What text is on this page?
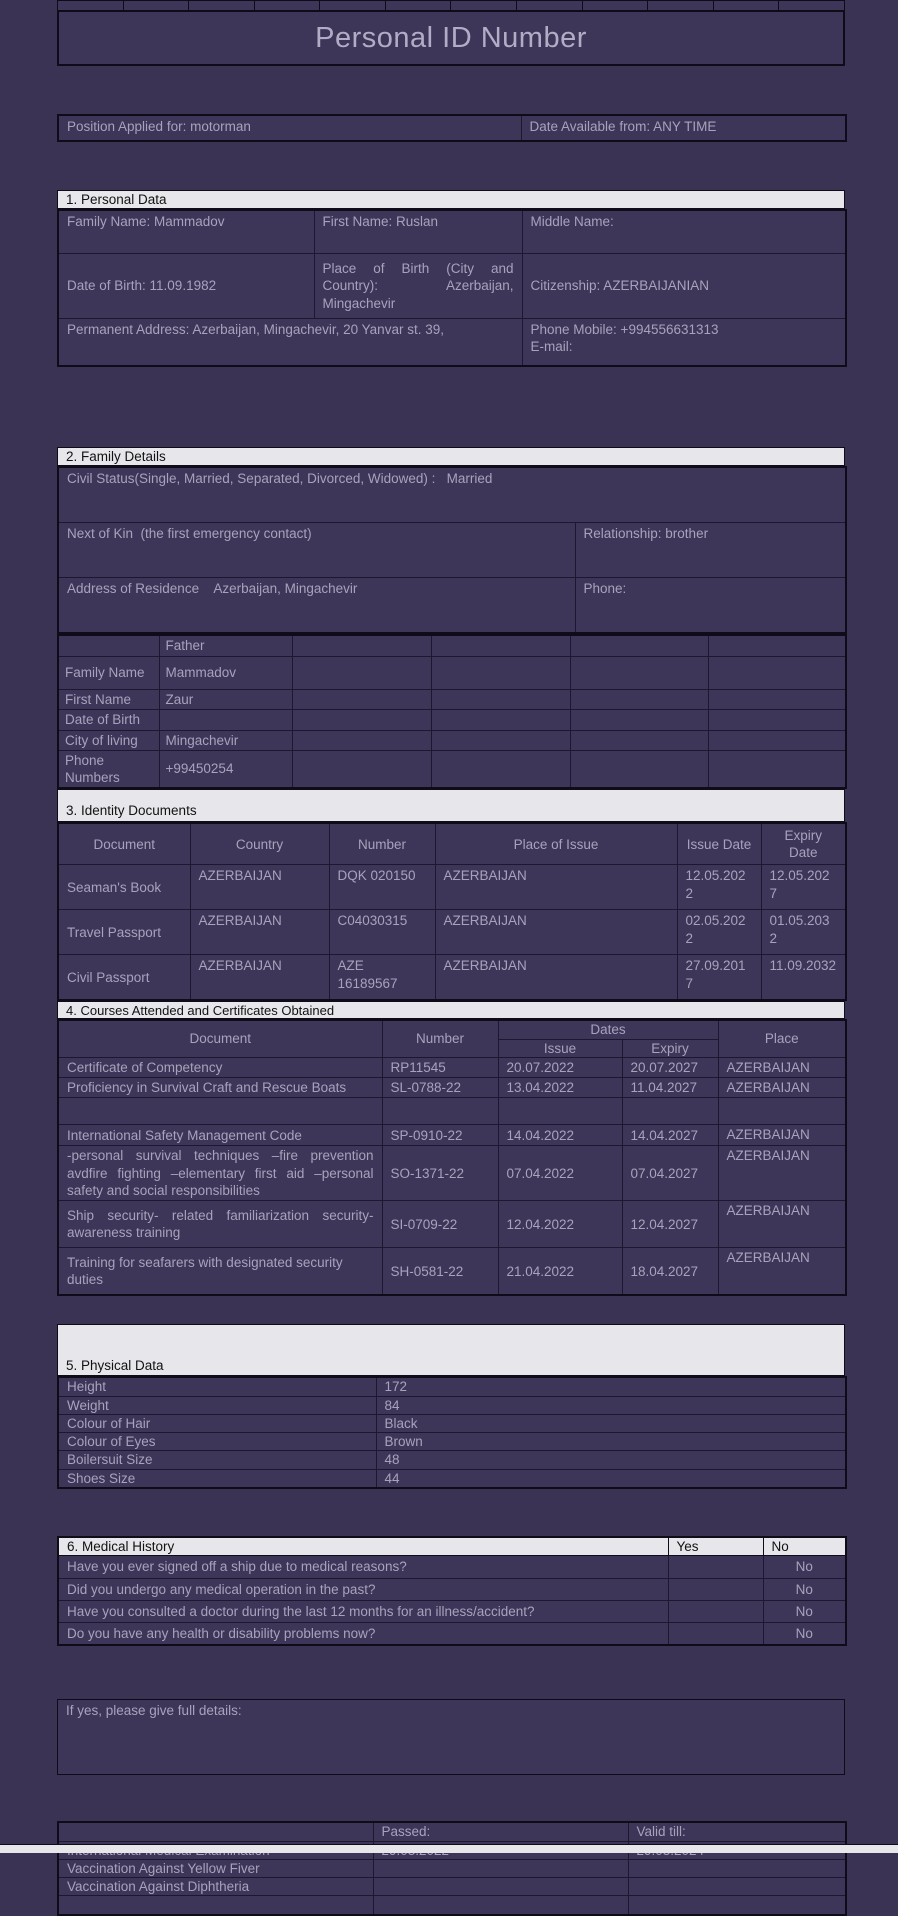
Personal ID Number
Position Applied for: motorman	Date Available from: ANY TIME
1. Personal Data
Family Name: Mammadov	First Name: Ruslan	Middle Name:
Date of Birth: 11.09.1982	Place of Birth (City and Country): Azerbaijan, Mingachevir	Citizenship: AZERBAIJANIAN
Permanent Address: Azerbaijan, Mingachevir, 20 Yanvar st. 39,		Phone Mobile: +994556631313
E-mail:
2. Family Details
Civil Status(Single, Married, Separated, Divorced, Widowed) :   Married	
Next of Kin  (the first emergency contact)	Relationship: brother
Address of Residence    Azerbaijan, Mingachevir	Phone:
	Father				
Family Name	Mammadov				
First Name	Zaur				
Date of Birth					
City of living	Mingachevir				
Phone Numbers	+99450254				
3. Identity Documents
Document	Country	Number	Place of Issue	Issue Date	Expiry Date
Seaman's Book	AZERBAIJAN	DQK 020150	AZERBAIJAN	12.05.2022	12.05.2027
Travel Passport	AZERBAIJAN	C04030315	AZERBAIJAN	02.05.2022	01.05.2032
Civil Passport	AZERBAIJAN	AZE 16189567	AZERBAIJAN	27.09.2017	11.09.2032
4. Courses Attended and Certificates Obtained
Document	Number	Dates		Place
		Issue	Expiry	
Certificate of Competency	RP11545	20.07.2022	20.07.2027	AZERBAIJAN
Proficiency in Survival Craft and Rescue Boats	SL-0788-22	13.04.2022	11.04.2027	AZERBAIJAN

International Safety Management Code	SP-0910-22	14.04.2022	14.04.2027	AZERBAIJAN
-personal survival techniques –fire prevention avdfire fighting –elementary first aid –personal safety and social responsibilities	SO-1371-22	07.04.2022	07.04.2027	AZERBAIJAN
Ship security- related familiarization security-awareness training	SI-0709-22	12.04.2022	12.04.2027	AZERBAIJAN
Training for seafarers with designated security duties	SH-0581-22	21.04.2022	18.04.2027	AZERBAIJAN
5. Physical Data
Height	172
Weight	84
Colour of Hair	Black
Colour of Eyes	Brown
Boilersuit Size	48
Shoes Size	44
6. Medical History	Yes	No
Have you ever signed off a ship due to medical reasons?		No
Did you undergo any medical operation in the past?		No
Have you consulted a doctor during the last 12 months for an illness/accident?		No
Do you have any health or disability problems now?		No
If yes, please give full details:
	Passed:	Valid till:

Vaccination Against Yellow Fiver		
Vaccination Against Diphtheria		
